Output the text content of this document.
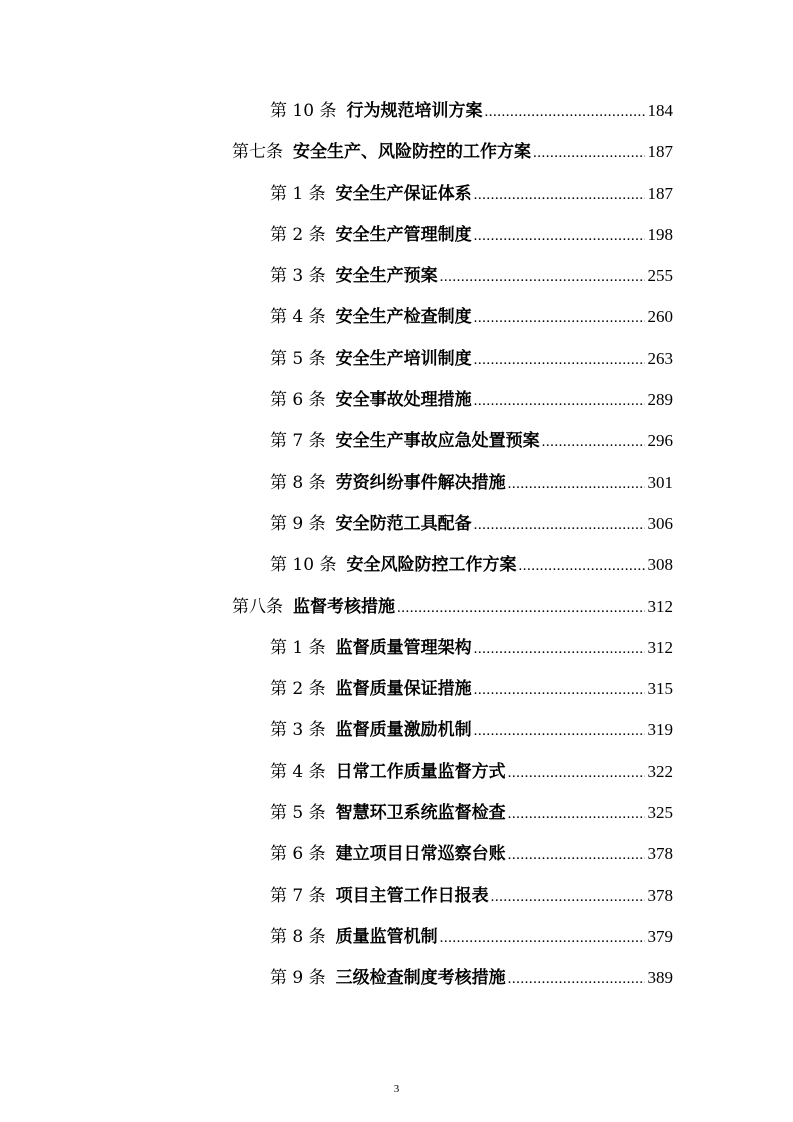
第 10 条 行为规范培训方案 .....	184
第七条 安全生产、风险防控的工作方案 .....	187
第 1 条 安全生产保证体系 .....	187
第 2 条 安全生产管理制度 .....	198
第 3 条 安全生产预案 .....	255
第 4 条 安全生产检查制度 .....	260
第 5 条 安全生产培训制度 .....	263
第 6 条 安全事故处理措施 .....	289
第 7 条 安全生产事故应急处置预案 .....	296
第 8 条 劳资纠纷事件解决措施 .....	301
第 9 条 安全防范工具配备 .....	306
第 10 条 安全风险防控工作方案 .....	308
第八条 监督考核措施 .....	312
第 1 条 监督质量管理架构 .....	312
第 2 条 监督质量保证措施 .....	315
第 3 条 监督质量激励机制 .....	319
第 4 条 日常工作质量监督方式 .....	322
第 5 条 智慧环卫系统监督检查 .....	325
第 6 条 建立项目日常巡察台账 .....	378
第 7 条 项目主管工作日报表 .....	378
第 8 条 质量监管机制 .....	379
第 9 条 三级检查制度考核措施 .....	389
3
